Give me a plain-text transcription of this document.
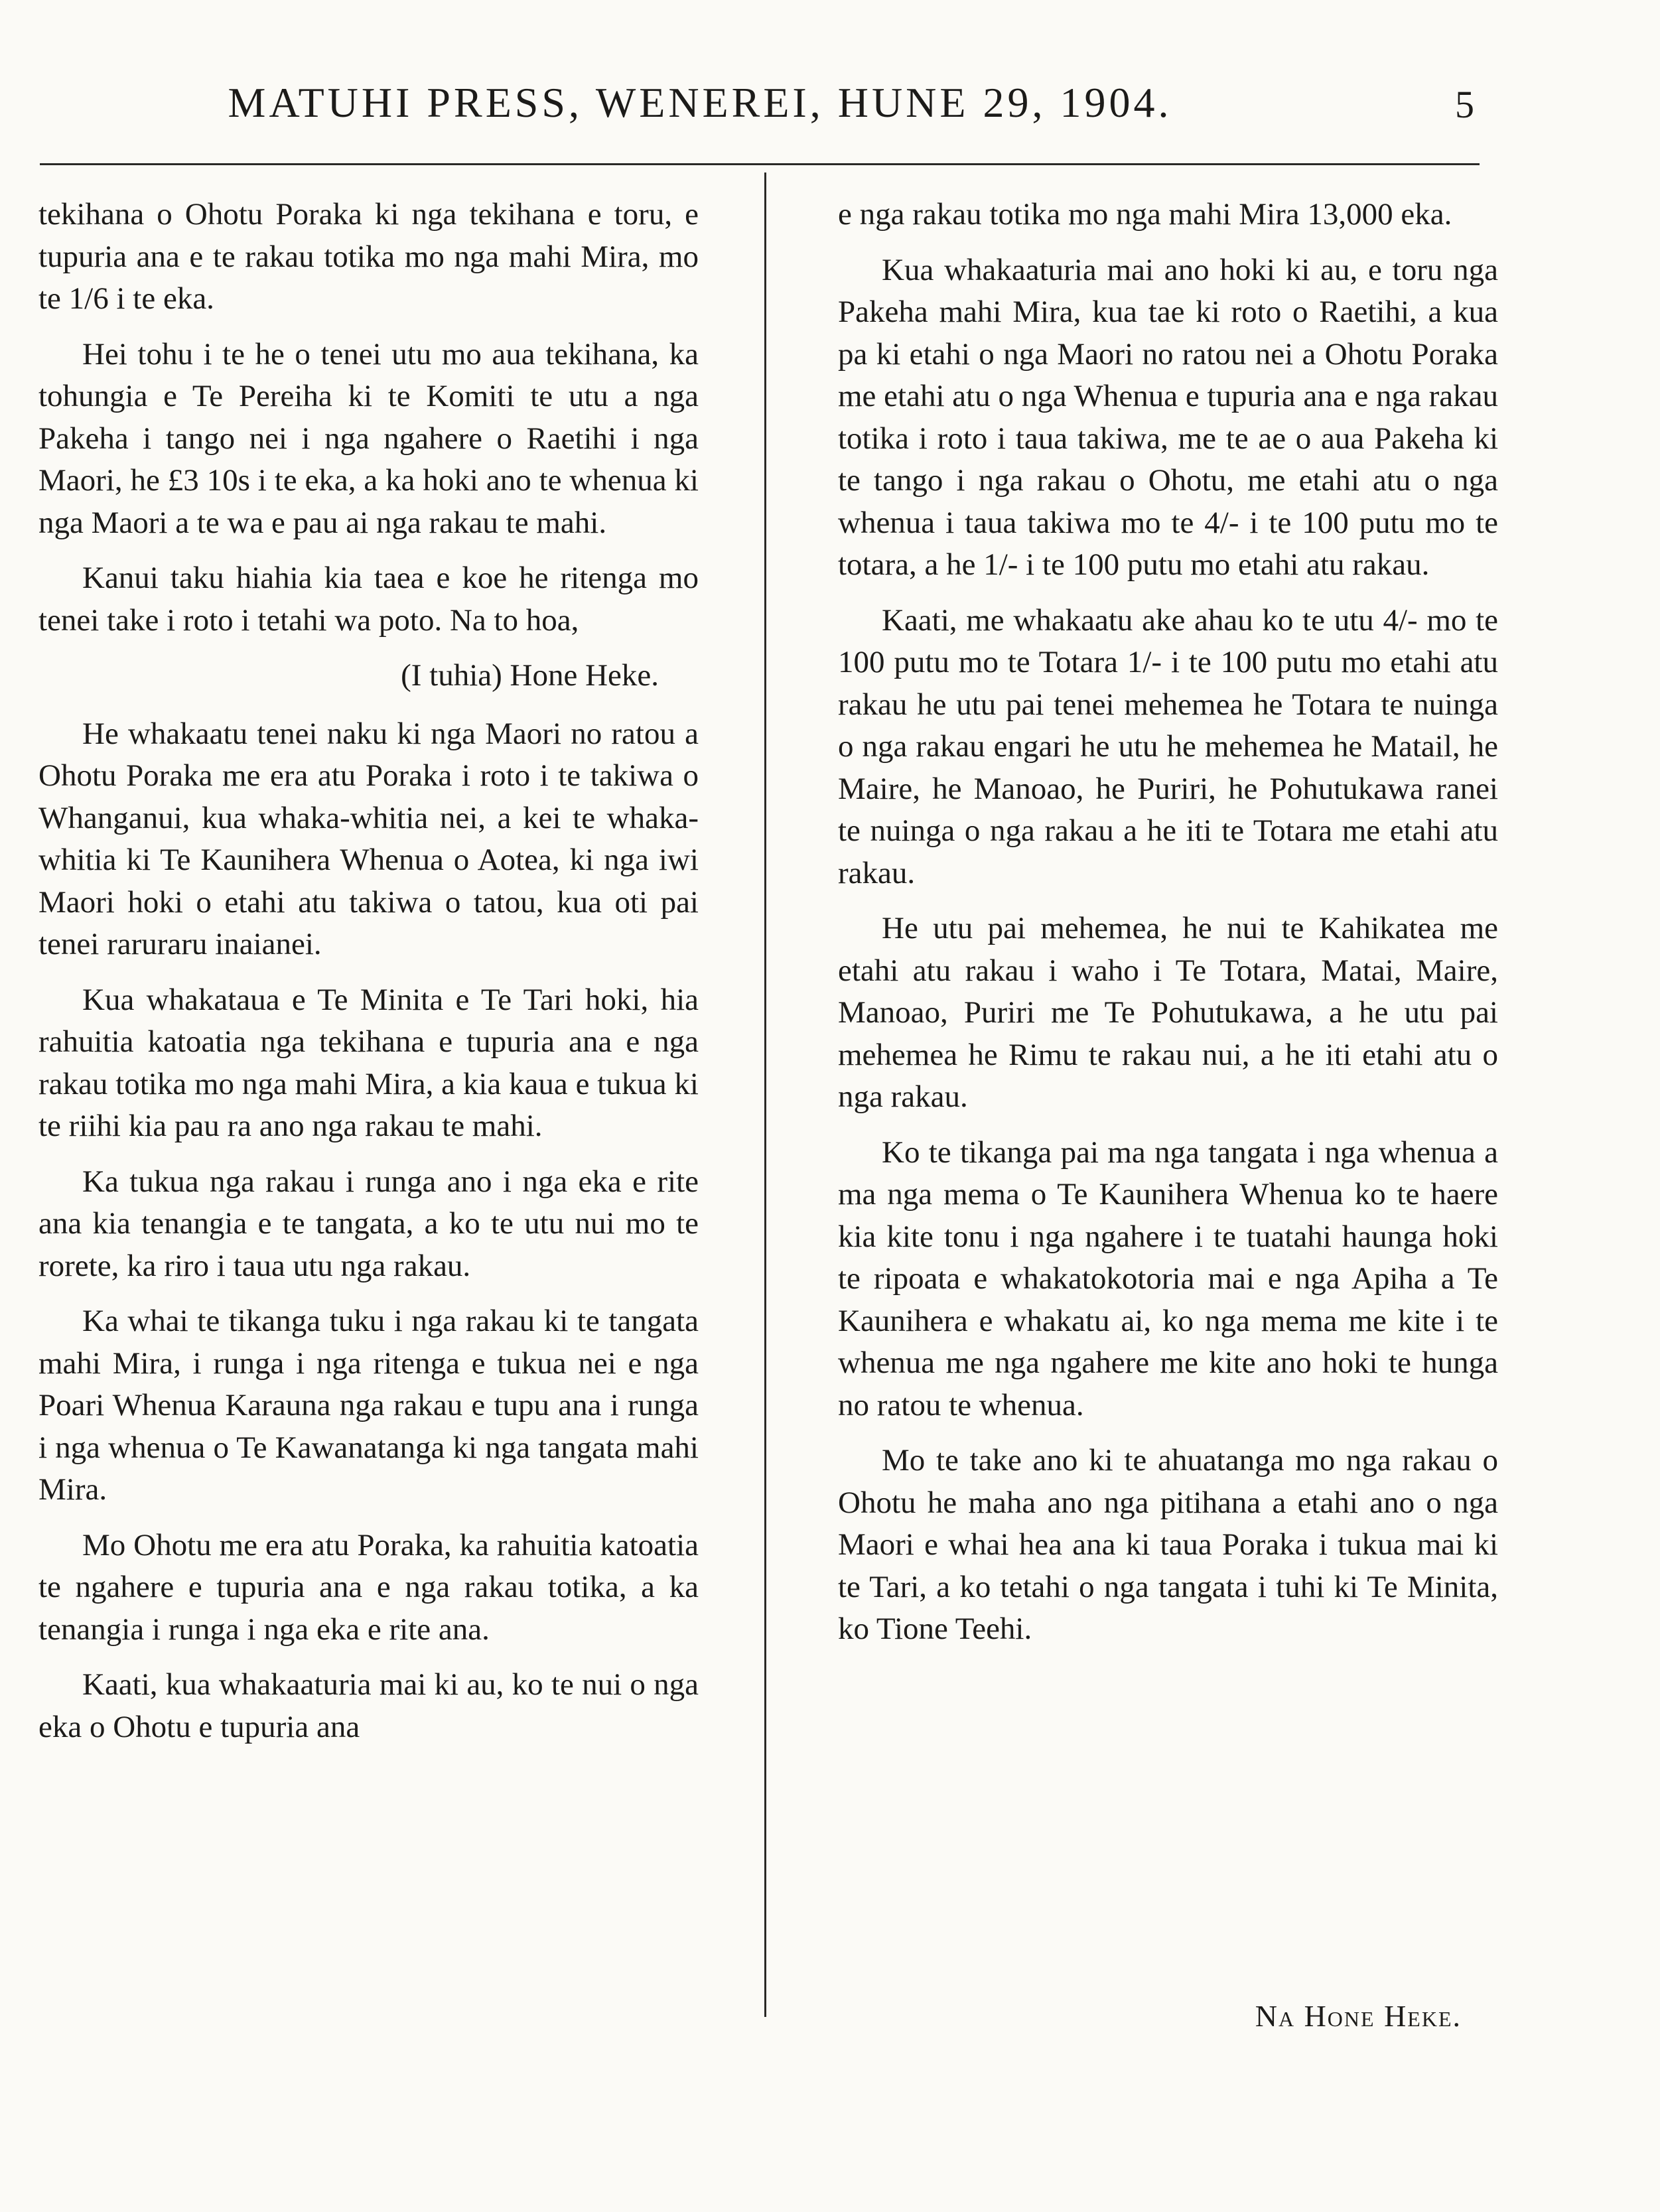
MATUHI PRESS, WENEREI, HUNE 29, 1904.	5

tekihana o Ohotu Poraka ki nga tekihana e toru, e tupuria ana e te rakau totika mo nga mahi Mira, mo te 1/6 i te eka.

Hei tohu i te he o tenei utu mo aua tekihana, ka tohungia e Te Pereiha ki te Komiti te utu a nga Pakeha i tango nei i nga ngahere o Raetihi i nga Maori, he £3 10s i te eka, a ka hoki ano te whenua ki nga Maori a te wa e pau ai nga rakau te mahi.

Kanui taku hiahia kia taea e koe he ritenga mo tenei take i roto i tetahi wa poto. Na to hoa,

(I tuhia) Hone Heke.

He whakaatu tenei naku ki nga Maori no ratou a Ohotu Poraka me era atu Poraka i roto i te takiwa o Whanganui, kua whaka-whitia nei, a kei te whaka-whitia ki Te Kaunihera Whenua o Aotea, ki nga iwi Maori hoki o etahi atu takiwa o tatou, kua oti pai tenei raruraru inaianei.

Kua whakataua e Te Minita e Te Tari hoki, hia rahuitia katoatia nga tekihana e tupuria ana e nga rakau totika mo nga mahi Mira, a kia kaua e tukua ki te riihi kia pau ra ano nga rakau te mahi.

Ka tukua nga rakau i runga ano i nga eka e rite ana kia tenangia e te tangata, a ko te utu nui mo te rorete, ka riro i taua utu nga rakau.

Ka whai te tikanga tuku i nga rakau ki te tangata mahi Mira, i runga i nga ritenga e tukua nei e nga Poari Whenua Karauna nga rakau e tupu ana i runga i nga whenua o Te Kawanatanga ki nga tangata mahi Mira.

Mo Ohotu me era atu Poraka, ka rahuitia katoatia te ngahere e tupuria ana e nga rakau totika, a ka tenangia i runga i nga eka e rite ana.

Kaati, kua whakaaturia mai ki au, ko te nui o nga eka o Ohotu e tupuria ana

e nga rakau totika mo nga mahi Mira 13,000 eka.

Kua whakaaturia mai ano hoki ki au, e toru nga Pakeha mahi Mira, kua tae ki roto o Raetihi, a kua pa ki etahi o nga Maori no ratou nei a Ohotu Poraka me etahi atu o nga Whenua e tupuria ana e nga rakau totika i roto i taua takiwa, me te ae o aua Pakeha ki te tango i nga rakau o Ohotu, me etahi atu o nga whenua i taua takiwa mo te 4/- i te 100 putu mo te totara, a he 1/- i te 100 putu mo etahi atu rakau.

Kaati, me whakaatu ake ahau ko te utu 4/- mo te 100 putu mo te Totara 1/- i te 100 putu mo etahi atu rakau he utu pai tenei mehemea he Totara te nuinga o nga rakau engari he utu he mehemea he Matail, he Maire, he Manoao, he Puriri, he Pohutukawa ranei te nuinga o nga rakau a he iti te Totara me etahi atu rakau.

He utu pai mehemea, he nui te Kahikatea me etahi atu rakau i waho i Te Totara, Matai, Maire, Manoao, Puriri me Te Pohutukawa, a he utu pai mehemea he Rimu te rakau nui, a he iti etahi atu o nga rakau.

Ko te tikanga pai ma nga tangata i nga whenua a ma nga mema o Te Kaunihera Whenua ko te haere kia kite tonu i nga ngahere i te tuatahi haunga hoki te ripoata e whakatokotoria mai e nga Apiha a Te Kaunihera e whakatu ai, ko nga mema me kite i te whenua me nga ngahere me kite ano hoki te hunga no ratou te whenua.

Mo te take ano ki te ahuatanga mo nga rakau o Ohotu he maha ano nga pitihana a etahi ano o nga Maori e whai hea ana ki taua Poraka i tukua mai ki te Tari, a ko tetahi o nga tangata i tuhi ki Te Minita, ko Tione Teehi.

Na Hone Heke.
